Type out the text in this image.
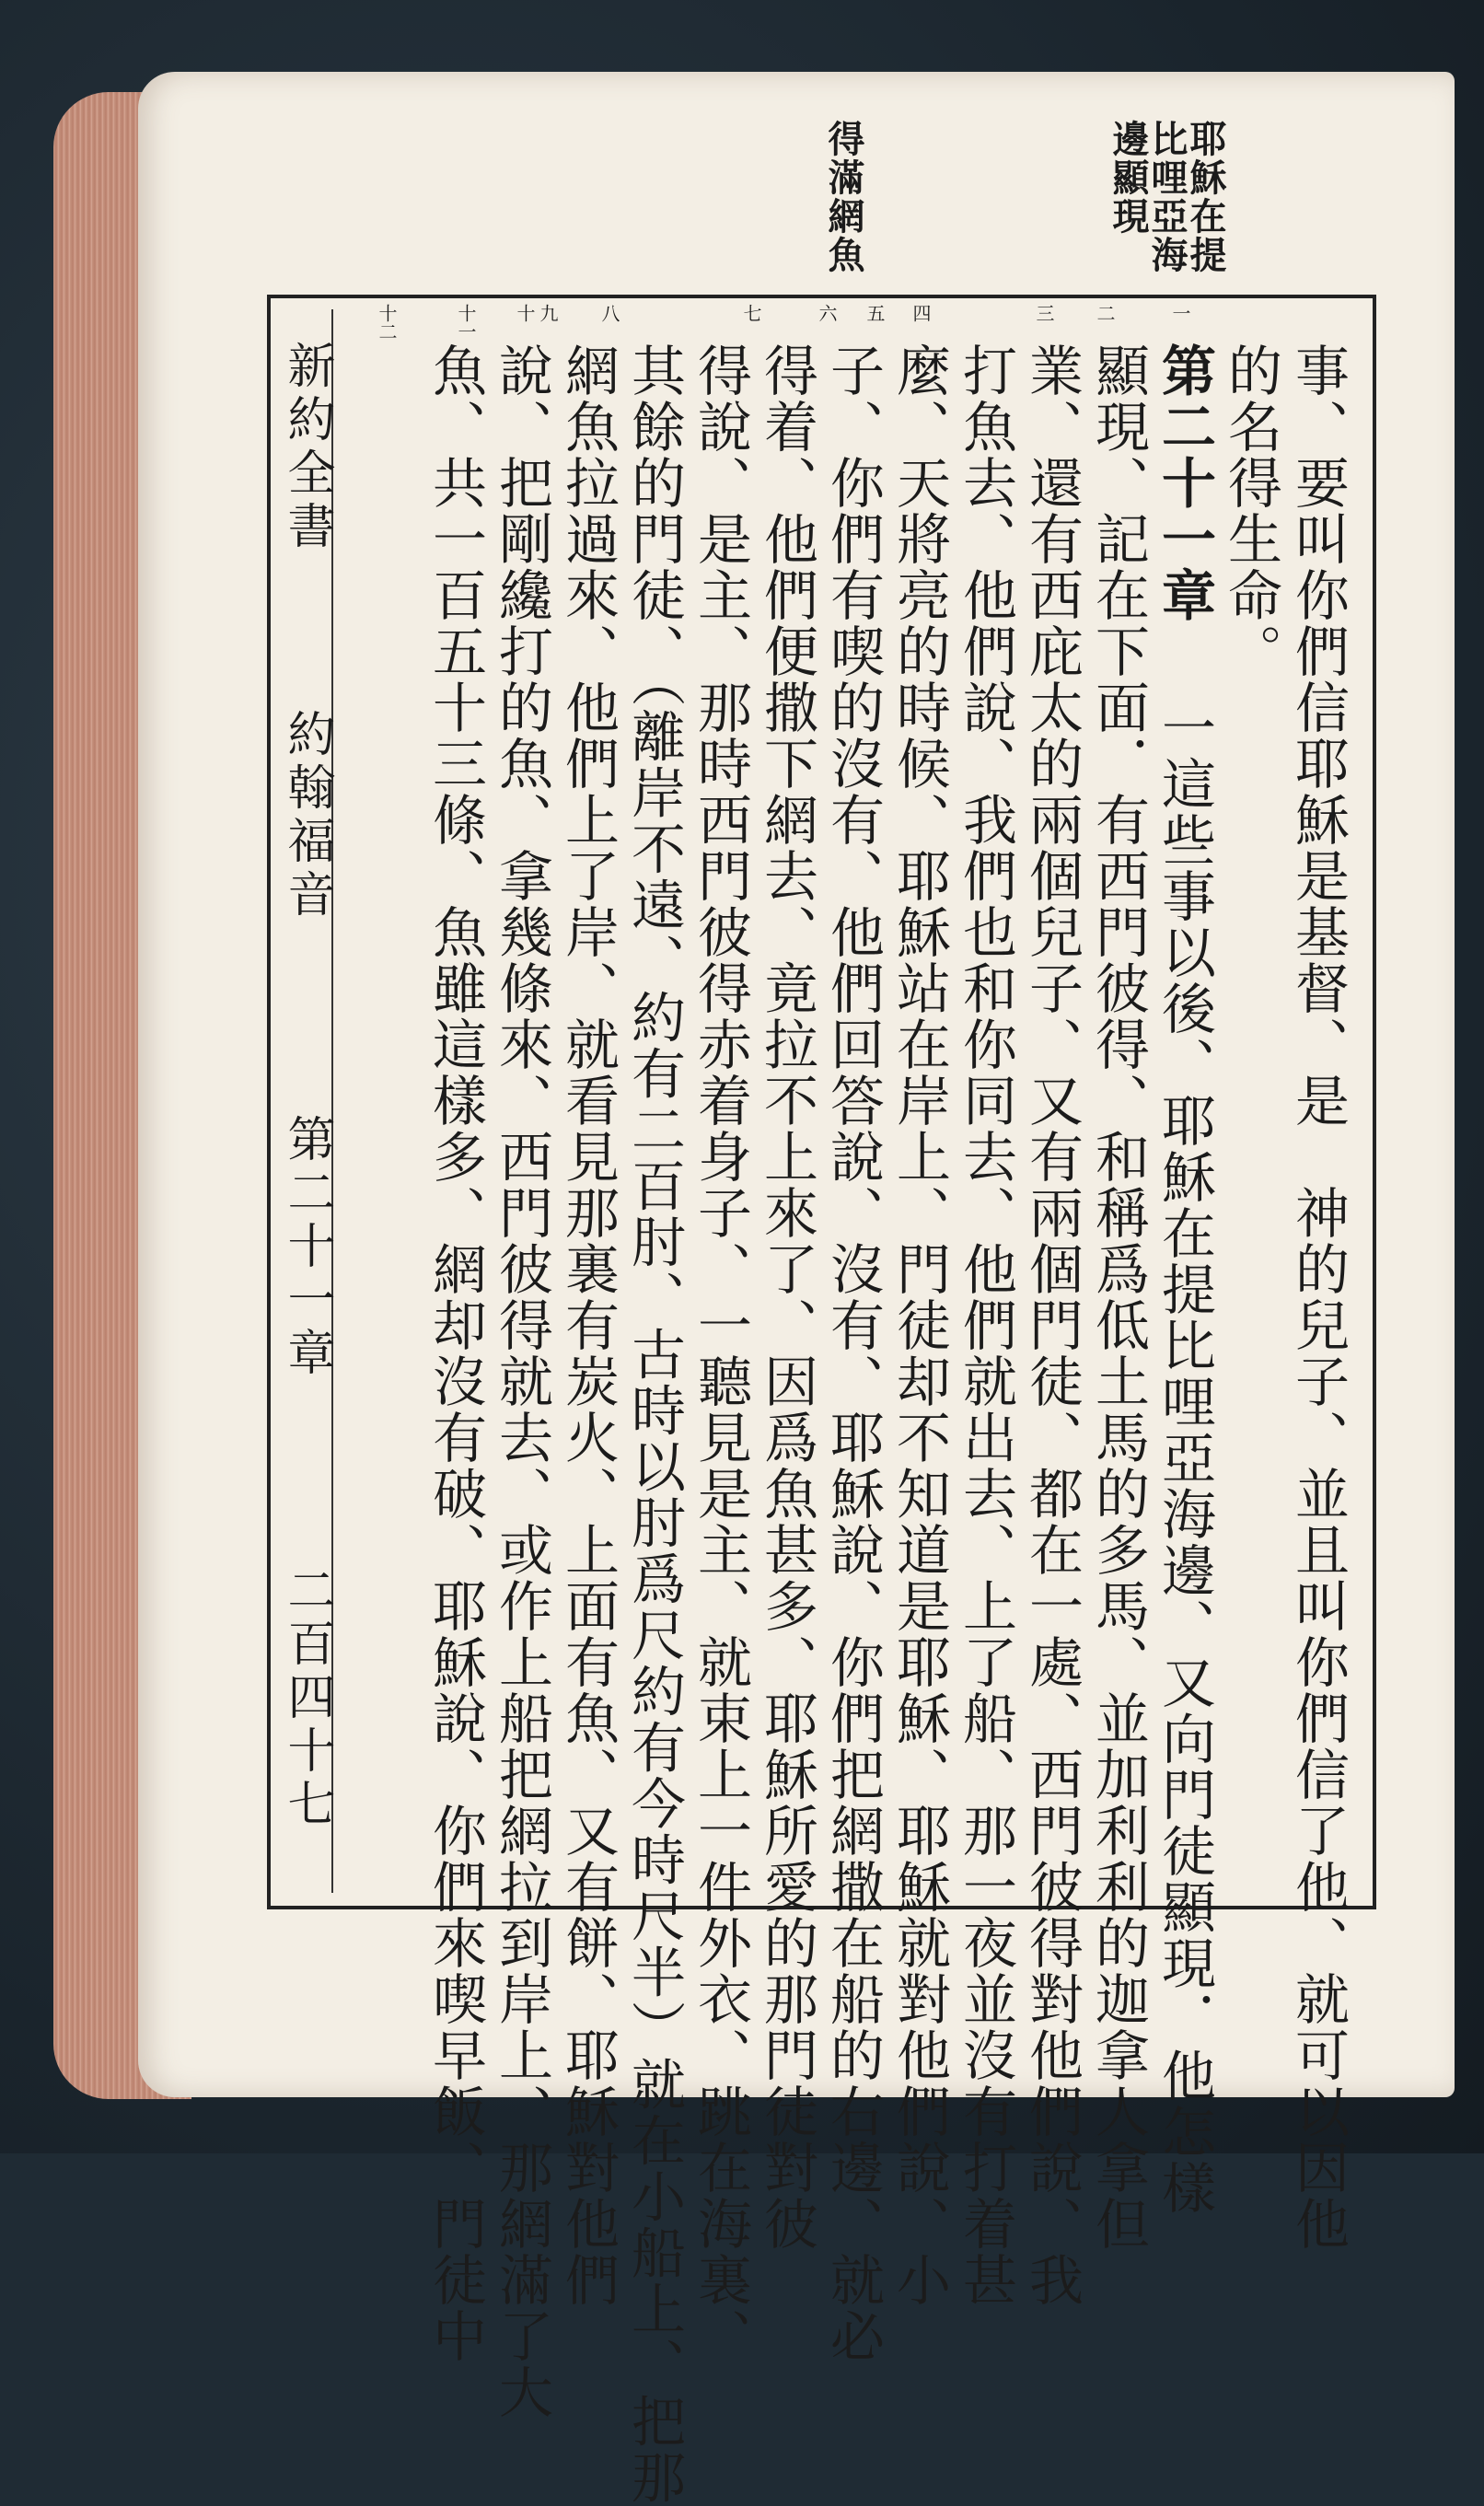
耶穌在提比哩亞海邊顯現
得滿網魚
一
二
三
四
五
六
七
八
九
十
十一
十二
事、要叫你們信耶穌是基督、是　神的兒子、並且叫你們信了他、就可以因他
的名得生命。
第二十一章
一這些事以後、耶穌在提比哩亞海邊、又向門徒顯現．他怎樣
顯現、記在下面．有西門彼得、和稱爲低土馬的多馬、並加利利的迦拿人拿但
業、還有西庇太的兩個兒子、又有兩個門徒、都在一處、西門彼得對他們說、我
打魚去、他們說、我們也和你同去、他們就出去、上了船、那一夜並沒有打着甚
麼、天將亮的時候、耶穌站在岸上、門徒却不知道是耶穌、耶穌就對他們說、小
子、你們有喫的沒有、他們回答說、沒有、耶穌說、你們把網撒在船的右邊、就必
得着、他們便撒下網去、竟拉不上來了、因爲魚甚多、耶穌所愛的那門徒對彼
得說、是主、那時西門彼得赤着身子、一聽見是主、就束上一件外衣、跳在海裏、
其餘的門徒、（離岸不遠、約有二百肘、古時以肘爲尺約有今時尺半）就在小船上、把那
網魚拉過來、他們上了岸、就看見那裏有炭火、上面有魚、又有餅、耶穌對他們
說、把剛纔打的魚、拿幾條來、西門彼得就去、或作上船把網拉到岸上、那網滿了大
魚、共一百五十三條、魚雖這樣多、網却沒有破、耶穌說、你們來喫早飯、門徒中
新約全書
約翰福音
第二十一章
二百四十七
